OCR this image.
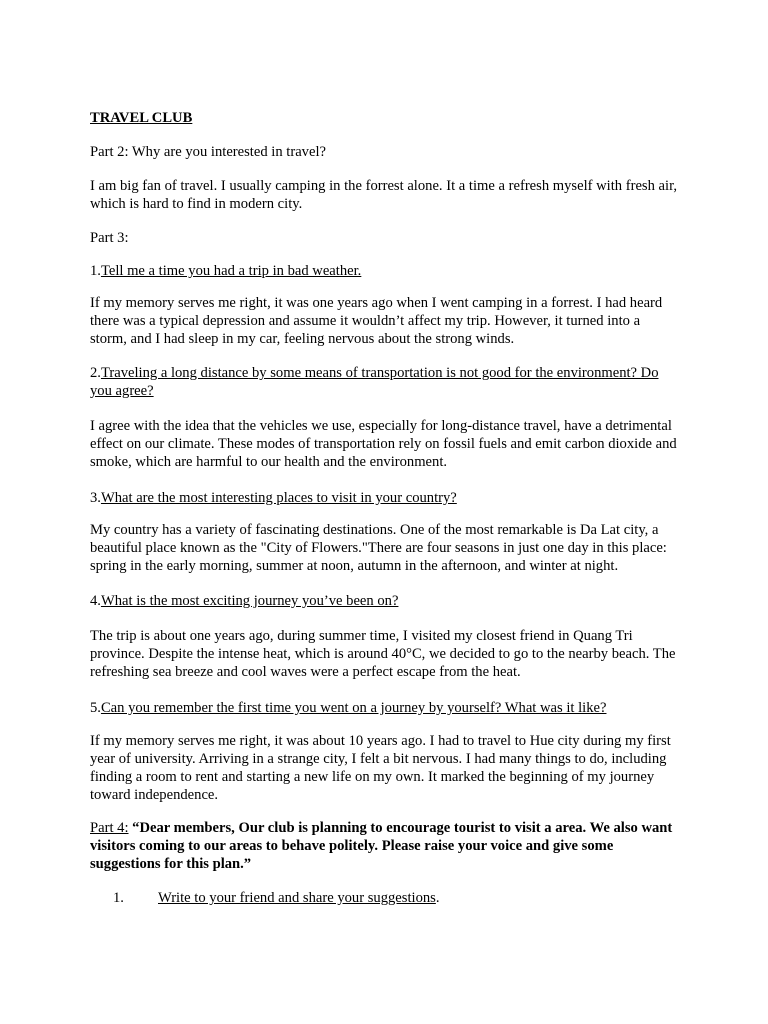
TRAVEL CLUB

Part 2: Why are you interested in travel?

I am big fan of travel. I usually camping in the forrest alone. It a time a refresh myself with fresh air, which is hard to find in modern city.

Part 3:

1.Tell me a time you had a trip in bad weather.

If my memory serves me right, it was one years ago when I went camping in a forrest. I had heard there was a typical depression and assume it wouldn’t affect my trip. However, it turned into a storm, and I had sleep in my car, feeling nervous about the strong winds.

2.Traveling a long distance by some means of transportation is not good for the environment? Do you agree?

I agree with the idea that the vehicles we use, especially for long-distance travel, have a detrimental effect on our climate. These modes of transportation rely on fossil fuels and emit carbon dioxide and smoke, which are harmful to our health and the environment.

3.What are the most interesting places to visit in your country?

My country has a variety of fascinating destinations. One of the most remarkable is Da Lat city, a beautiful place known as the "City of Flowers."There are four seasons in just one day in this place: spring in the early morning, summer at noon, autumn in the afternoon, and winter at night.

4.What is the most exciting journey you’ve been on?

The trip is about one years ago, during summer time, I visited my closest friend in Quang Tri province. Despite the intense heat, which is around 40°C, we decided to go to the nearby beach. The refreshing sea breeze and cool waves were a perfect escape from the heat.

5.Can you remember the first time you went on a journey by yourself? What was it like?

If my memory serves me right, it was about 10 years ago. I had to travel to Hue city during my first year of university. Arriving in a strange city, I felt a bit nervous. I had many things to do, including finding a room to rent and starting a new life on my own. It marked the beginning of my journey toward independence.

Part 4: “Dear members, Our club is planning to encourage tourist to visit a area. We also want visitors coming to our areas to behave politely. Please raise your voice and give some suggestions for this plan.”

1. Write to your friend and share your suggestions.
